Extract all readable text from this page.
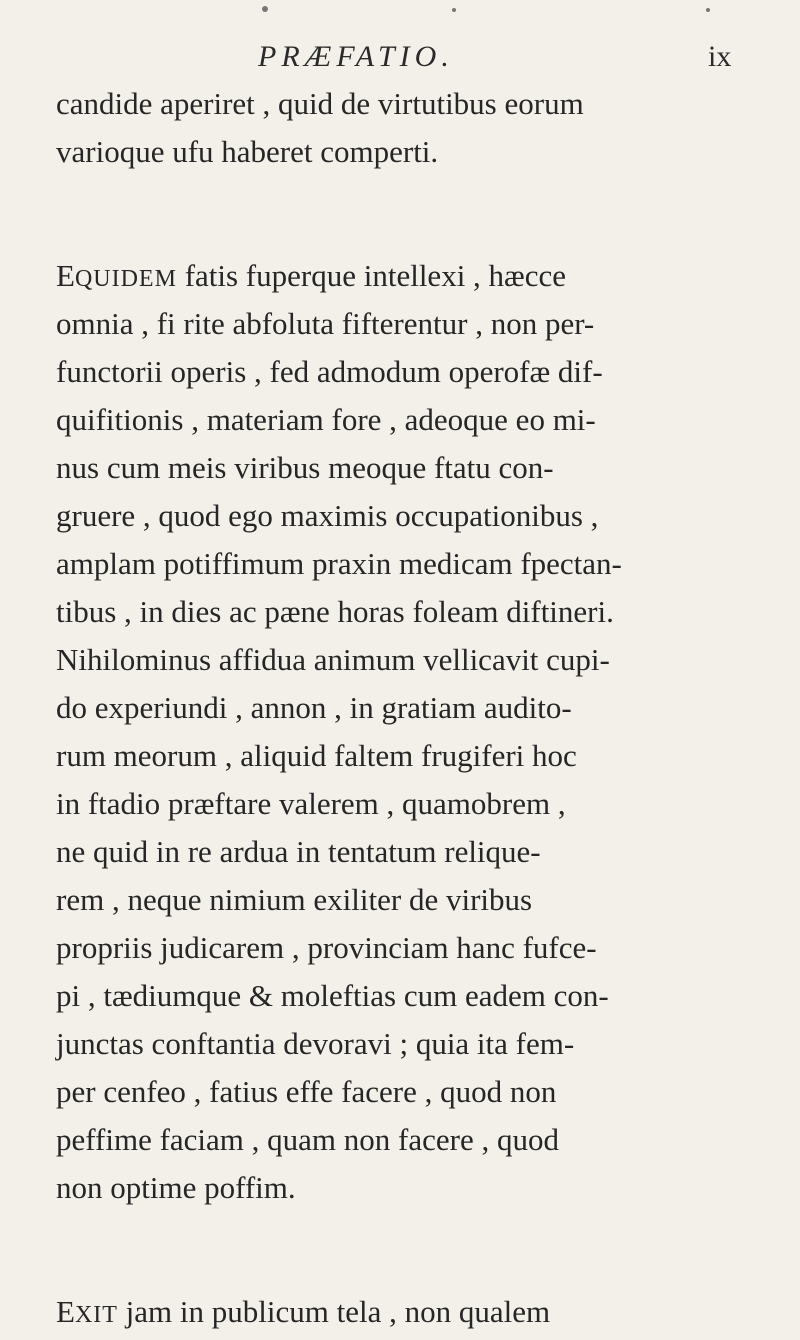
PRÆFATIO.	ix
candide aperiret , quid de virtutibus eorum
varioque ufu haberet comperti.
EQUIDEM fatis fuperque intellexi , hæcce
omnia , fi rite abfoluta fifterentur , non per-
functorii operis , fed admodum operofæ dif-
quifitionis , materiam fore , adeoque eo mi-
nus cum meis viribus meoque ftatu con-
gruere , quod ego maximis occupationibus ,
amplam potiffimum praxin medicam fpectan-
tibus , in dies ac pæne horas foleam diftineri.
Nihilominus affidua animum vellicavit cupi-
do experiundi , annon , in gratiam audito-
rum meorum , aliquid faltem frugiferi hoc
in ftadio præftare valerem , quamobrem ,
ne quid in re ardua in tentatum relique-
rem , neque nimium exiliter de viribus
propriis judicarem , provinciam hanc fufce-
pi , tædiumque & moleftias cum eadem con-
junctas conftantia devoravi ; quia ita fem-
per cenfeo , fatius effe facere , quod non
peffime faciam , quam non facere , quod
non optime poffim.
EXIT jam in publicum tela , non qualem
